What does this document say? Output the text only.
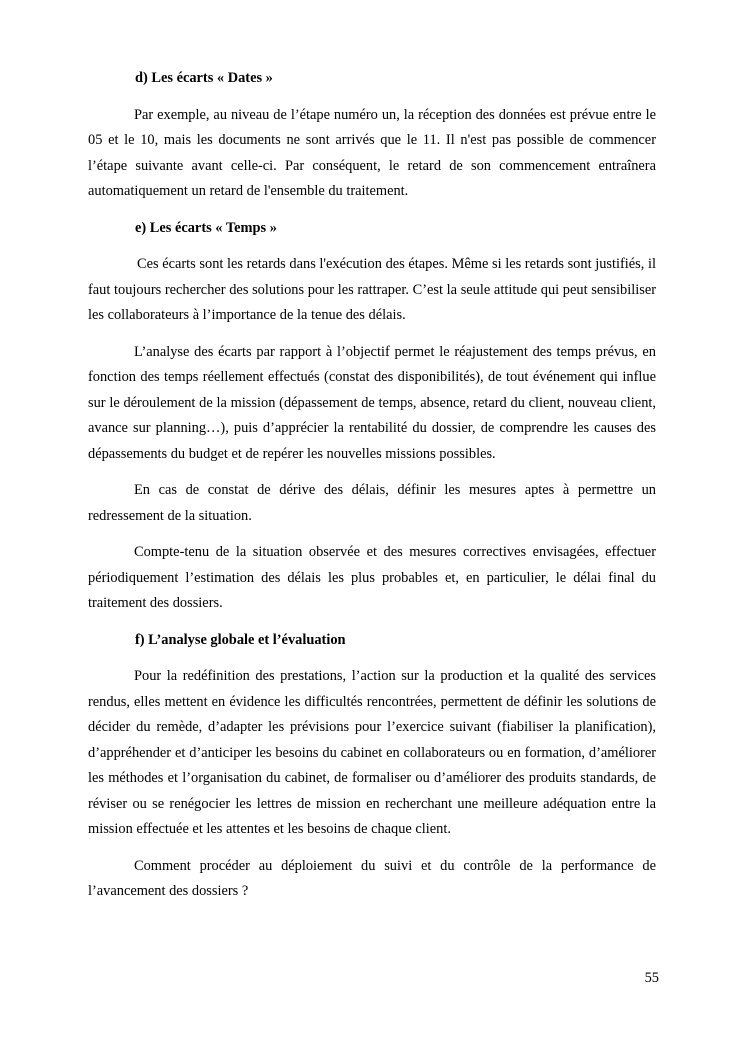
d) Les écarts « Dates »

Par exemple, au niveau de l’étape numéro un, la réception des données est prévue entre le 05 et le 10, mais les documents ne sont arrivés que le 11. Il n'est pas possible de commencer l’étape suivante avant celle-ci. Par conséquent, le retard de son commencement entraînera automatiquement un retard de l'ensemble du traitement.

e) Les écarts « Temps »

Ces écarts sont les retards dans l'exécution des étapes. Même si les retards sont justifiés, il faut toujours rechercher des solutions pour les rattraper. C’est la seule attitude qui peut sensibiliser les collaborateurs à l’importance de la tenue des délais.

L’analyse des écarts par rapport à l’objectif permet le réajustement des temps prévus, en fonction des temps réellement effectués (constat des disponibilités), de tout événement qui influe sur le déroulement de la mission (dépassement de temps, absence, retard du client, nouveau client, avance sur planning…), puis d’apprécier la rentabilité du dossier, de comprendre les causes des dépassements du budget et de repérer les nouvelles missions possibles.

En cas de constat de dérive des délais, définir les mesures aptes à permettre un redressement de la situation.

Compte-tenu de la situation observée et des mesures correctives envisagées, effectuer périodiquement l’estimation des délais les plus probables et, en particulier, le délai final du traitement des dossiers.

f) L’analyse globale et l’évaluation

Pour la redéfinition des prestations, l’action sur la production et la qualité des services rendus, elles mettent en évidence les difficultés rencontrées, permettent de définir les solutions de décider du remède, d’adapter les prévisions pour l’exercice suivant (fiabiliser la planification), d’appréhender et d’anticiper les besoins du cabinet en collaborateurs ou en formation, d’améliorer les méthodes et l’organisation du cabinet, de formaliser ou d’améliorer des produits standards, de réviser ou se renégocier les lettres de mission en recherchant une meilleure adéquation entre la mission effectuée et les attentes et les besoins de chaque client.

Comment procéder au déploiement du suivi et du contrôle de la performance de l’avancement des dossiers ?

55
